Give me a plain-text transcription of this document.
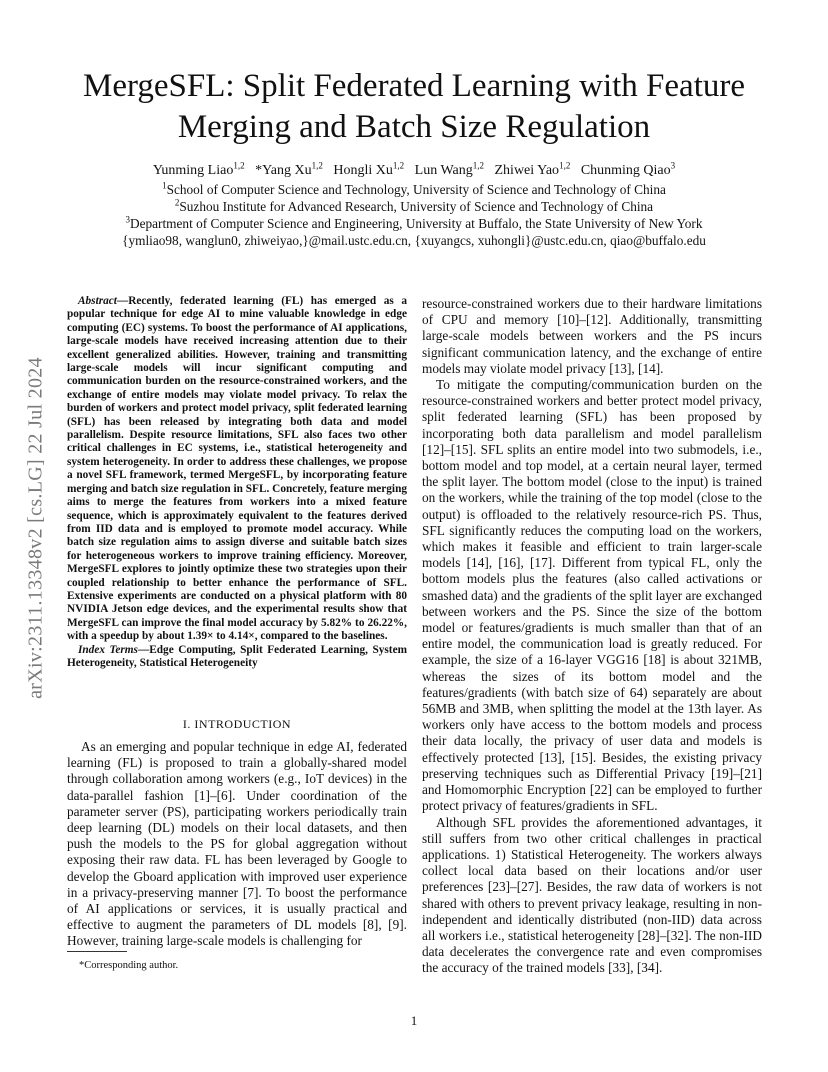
arXiv:2311.13348v2 [cs.LG] 22 Jul 2024
MergeSFL: Split Federated Learning with Feature
Merging and Batch Size Regulation
Yunming Liao$^{1,2}$ *Yang Xu$^{1,2}$ Hongli Xu$^{1,2}$ Lun Wang$^{1,2}$ Zhiwei Yao$^{1,2}$ Chunming Qiao$^3$
$^1$School of Computer Science and Technology, University of Science and Technology of China
$^2$Suzhou Institute for Advanced Research, University of Science and Technology of China
$^3$Department of Computer Science and Engineering, University at Buffalo, the State University of New York
{ymliao98, wanglun0, zhiweiyao,}@mail.ustc.edu.cn, {xuyangcs, xuhongli}@ustc.edu.cn, qiao@buffalo.edu

Abstract—Recently, federated learning (FL) has emerged as a popular technique for edge AI to mine valuable knowledge in edge computing (EC) systems. To boost the performance of AI applications, large-scale models have received increasing attention due to their excellent generalized abilities. However, training and transmitting large-scale models will incur significant computing and communication burden on the resource-constrained workers, and the exchange of entire models may violate model privacy. To relax the burden of workers and protect model privacy, split federated learning (SFL) has been released by integrating both data and model parallelism. Despite resource limitations, SFL also faces two other critical challenges in EC systems, i.e., statistical heterogeneity and system heterogeneity. In order to address these challenges, we propose a novel SFL framework, termed MergeSFL, by incorporating feature merging and batch size regulation in SFL. Concretely, feature merging aims to merge the features from workers into a mixed feature sequence, which is approximately equivalent to the features derived from IID data and is employed to promote model accuracy. While batch size regulation aims to assign diverse and suitable batch sizes for heterogeneous workers to improve training efficiency. Moreover, MergeSFL explores to jointly optimize these two strategies upon their coupled relationship to better enhance the performance of SFL. Extensive experiments are conducted on a physical platform with 80 NVIDIA Jetson edge devices, and the experimental results show that MergeSFL can improve the final model accuracy by 5.82% to 26.22%, with a speedup by about 1.39× to 4.14×, compared to the baselines.

Index Terms—Edge Computing, Split Federated Learning, System Heterogeneity, Statistical Heterogeneity

I. INTRODUCTION

As an emerging and popular technique in edge AI, federated learning (FL) is proposed to train a globally-shared model through collaboration among workers (e.g., IoT devices) in the data-parallel fashion [1]–[6]. Under coordination of the parameter server (PS), participating workers periodically train deep learning (DL) models on their local datasets, and then push the models to the PS for global aggregation without exposing their raw data. FL has been leveraged by Google to develop the Gboard application with improved user experience in a privacy-preserving manner [7]. To boost the performance of AI applications or services, it is usually practical and effective to augment the parameters of DL models [8], [9]. However, training large-scale models is challenging for

resource-constrained workers due to their hardware limitations of CPU and memory [10]–[12]. Additionally, transmitting large-scale models between workers and the PS incurs significant communication latency, and the exchange of entire models may violate model privacy [13], [14].

To mitigate the computing/communication burden on the resource-constrained workers and better protect model privacy, split federated learning (SFL) has been proposed by incorporating both data parallelism and model parallelism [12]–[15]. SFL splits an entire model into two submodels, i.e., bottom model and top model, at a certain neural layer, termed the split layer. The bottom model (close to the input) is trained on the workers, while the training of the top model (close to the output) is offloaded to the relatively resource-rich PS. Thus, SFL significantly reduces the computing load on the workers, which makes it feasible and efficient to train larger-scale models [14], [16], [17]. Different from typical FL, only the bottom models plus the features (also called activations or smashed data) and the gradients of the split layer are exchanged between workers and the PS. Since the size of the bottom model or features/gradients is much smaller than that of an entire model, the communication load is greatly reduced. For example, the size of a 16-layer VGG16 [18] is about 321MB, whereas the sizes of its bottom model and the features/gradients (with batch size of 64) separately are about 56MB and 3MB, when splitting the model at the 13th layer. As workers only have access to the bottom models and process their data locally, the privacy of user data and models is effectively protected [13], [15]. Besides, the existing privacy preserving techniques such as Differential Privacy [19]–[21] and Homomorphic Encryption [22] can be employed to further protect privacy of features/gradients in SFL.

Although SFL provides the aforementioned advantages, it still suffers from two other critical challenges in practical applications. 1) Statistical Heterogeneity. The workers always collect local data based on their locations and/or user preferences [23]–[27]. Besides, the raw data of workers is not shared with others to prevent privacy leakage, resulting in non-independent and identically distributed (non-IID) data across all workers i.e., statistical heterogeneity [28]–[32]. The non-IID data decelerates the convergence rate and even compromises the accuracy of the trained models [33], [34].

*Corresponding author.
1
